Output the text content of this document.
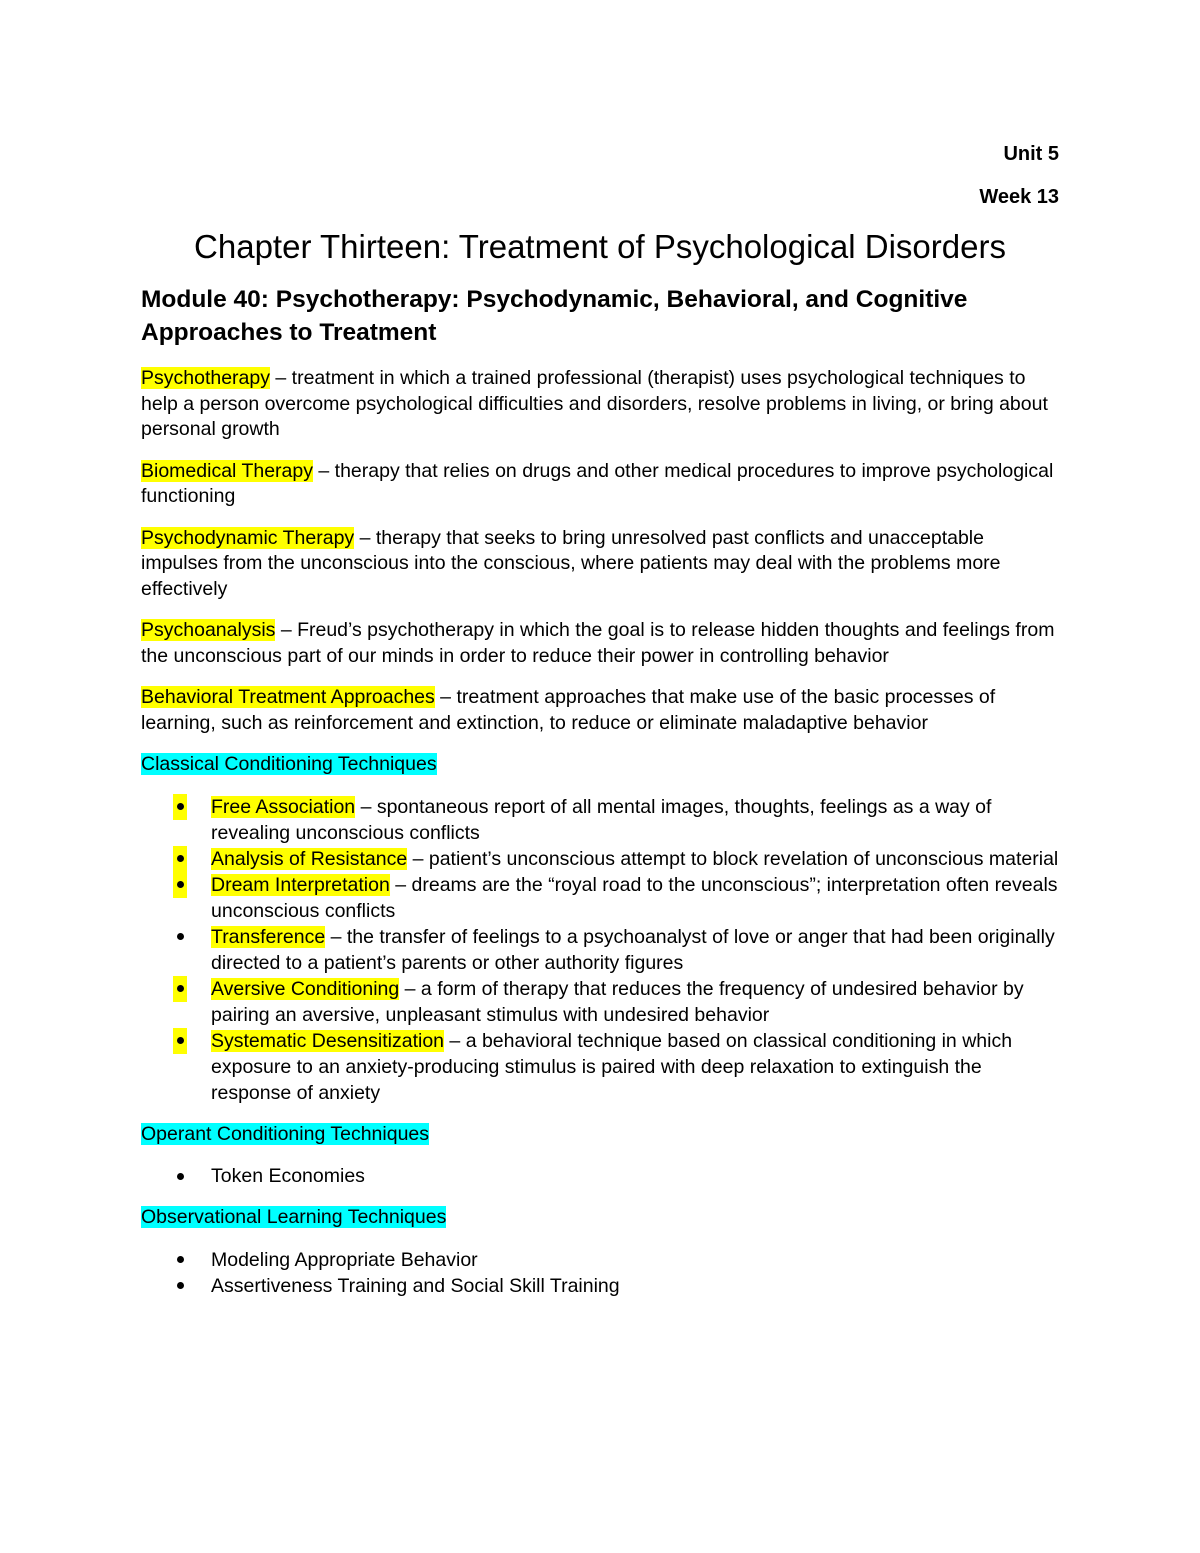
Unit 5

Week 13

Chapter Thirteen: Treatment of Psychological Disorders
Module 40: Psychotherapy: Psychodynamic, Behavioral, and Cognitive Approaches to Treatment

Psychotherapy – treatment in which a trained professional (therapist) uses psychological techniques to help a person overcome psychological difficulties and disorders, resolve problems in living, or bring about personal growth

Biomedical Therapy – therapy that relies on drugs and other medical procedures to improve psychological functioning

Psychodynamic Therapy – therapy that seeks to bring unresolved past conflicts and unacceptable impulses from the unconscious into the conscious, where patients may deal with the problems more effectively

Psychoanalysis – Freud’s psychotherapy in which the goal is to release hidden thoughts and feelings from the unconscious part of our minds in order to reduce their power in controlling behavior

Behavioral Treatment Approaches – treatment approaches that make use of the basic processes of learning, such as reinforcement and extinction, to reduce or eliminate maladaptive behavior

Classical Conditioning Techniques

Free Association – spontaneous report of all mental images, thoughts, feelings as a way of revealing unconscious conflicts
Analysis of Resistance – patient’s unconscious attempt to block revelation of unconscious material
Dream Interpretation – dreams are the “royal road to the unconscious”; interpretation often reveals unconscious conflicts
Transference – the transfer of feelings to a psychoanalyst of love or anger that had been originally directed to a patient’s parents or other authority figures
Aversive Conditioning – a form of therapy that reduces the frequency of undesired behavior by pairing an aversive, unpleasant stimulus with undesired behavior
Systematic Desensitization – a behavioral technique based on classical conditioning in which exposure to an anxiety-producing stimulus is paired with deep relaxation to extinguish the response of anxiety

Operant Conditioning Techniques

Token Economies

Observational Learning Techniques

Modeling Appropriate Behavior
Assertiveness Training and Social Skill Training
